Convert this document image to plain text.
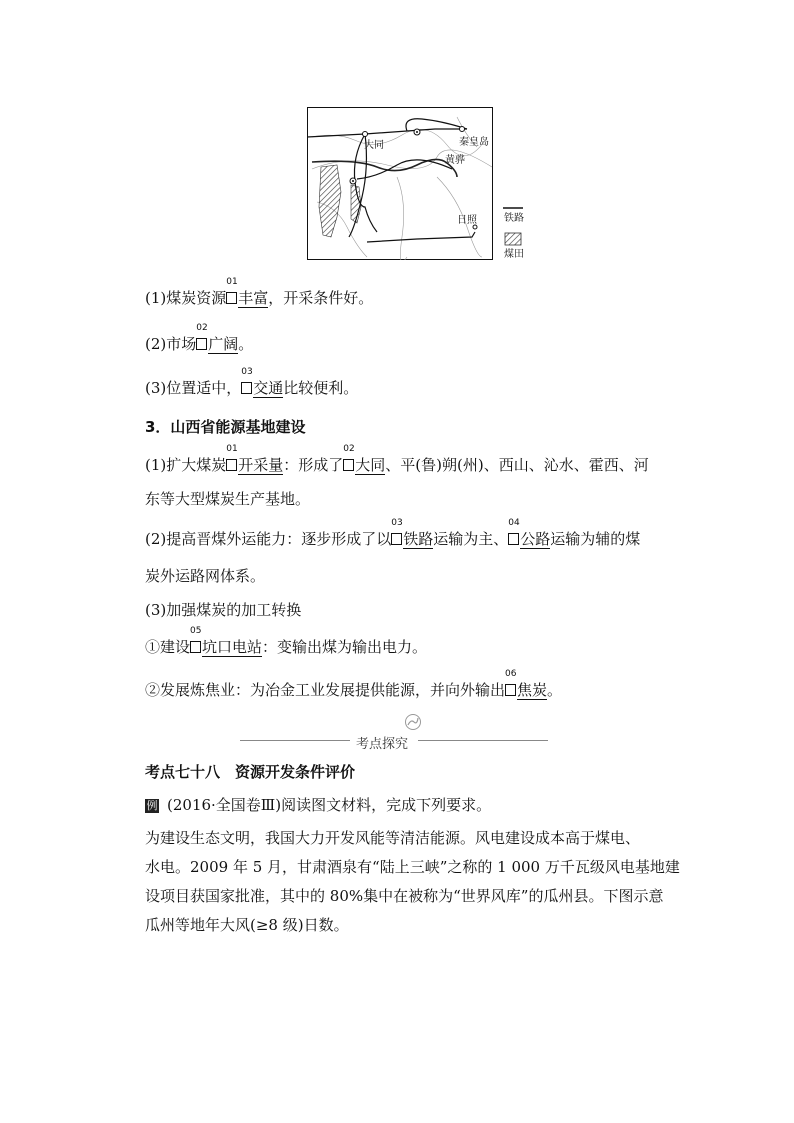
大同	秦皇岛
黄骅
日照	铁路
煤田
(1)煤炭资源
01
丰富，开采条件好。
(2)市场
02
广阔。
(3)位置适中，
03
交通比较便利。
3．山西省能源基地建设
(1)扩大煤炭
01
开采量：形成了
02
大同、平(鲁)朔(州)、西山、沁水、霍西、河
东等大型煤炭生产基地。
(2)提高晋煤外运能力：逐步形成了以
03
铁路运输为主、
04
公路运输为辅的煤
炭外运路网体系。
(3)加强煤炭的加工转换
①建设
05
坑口电站：变输出煤为输出电力。
②发展炼焦业：为冶金工业发展提供能源，并向外输出
06
焦炭。
考点探究
考点七十八　资源开发条件评价
例 (2016·全国卷Ⅲ)阅读图文材料，完成下列要求。
为建设生态文明，我国大力开发风能等清洁能源。风电建设成本高于煤电、
水电。2009 年 5 月，甘肃酒泉有“陆上三峡”之称的 1 000 万千瓦级风电基地建
设项目获国家批准，其中的 80%集中在被称为“世界风库”的瓜州县。下图示意
瓜州等地年大风(≥8 级)日数。
